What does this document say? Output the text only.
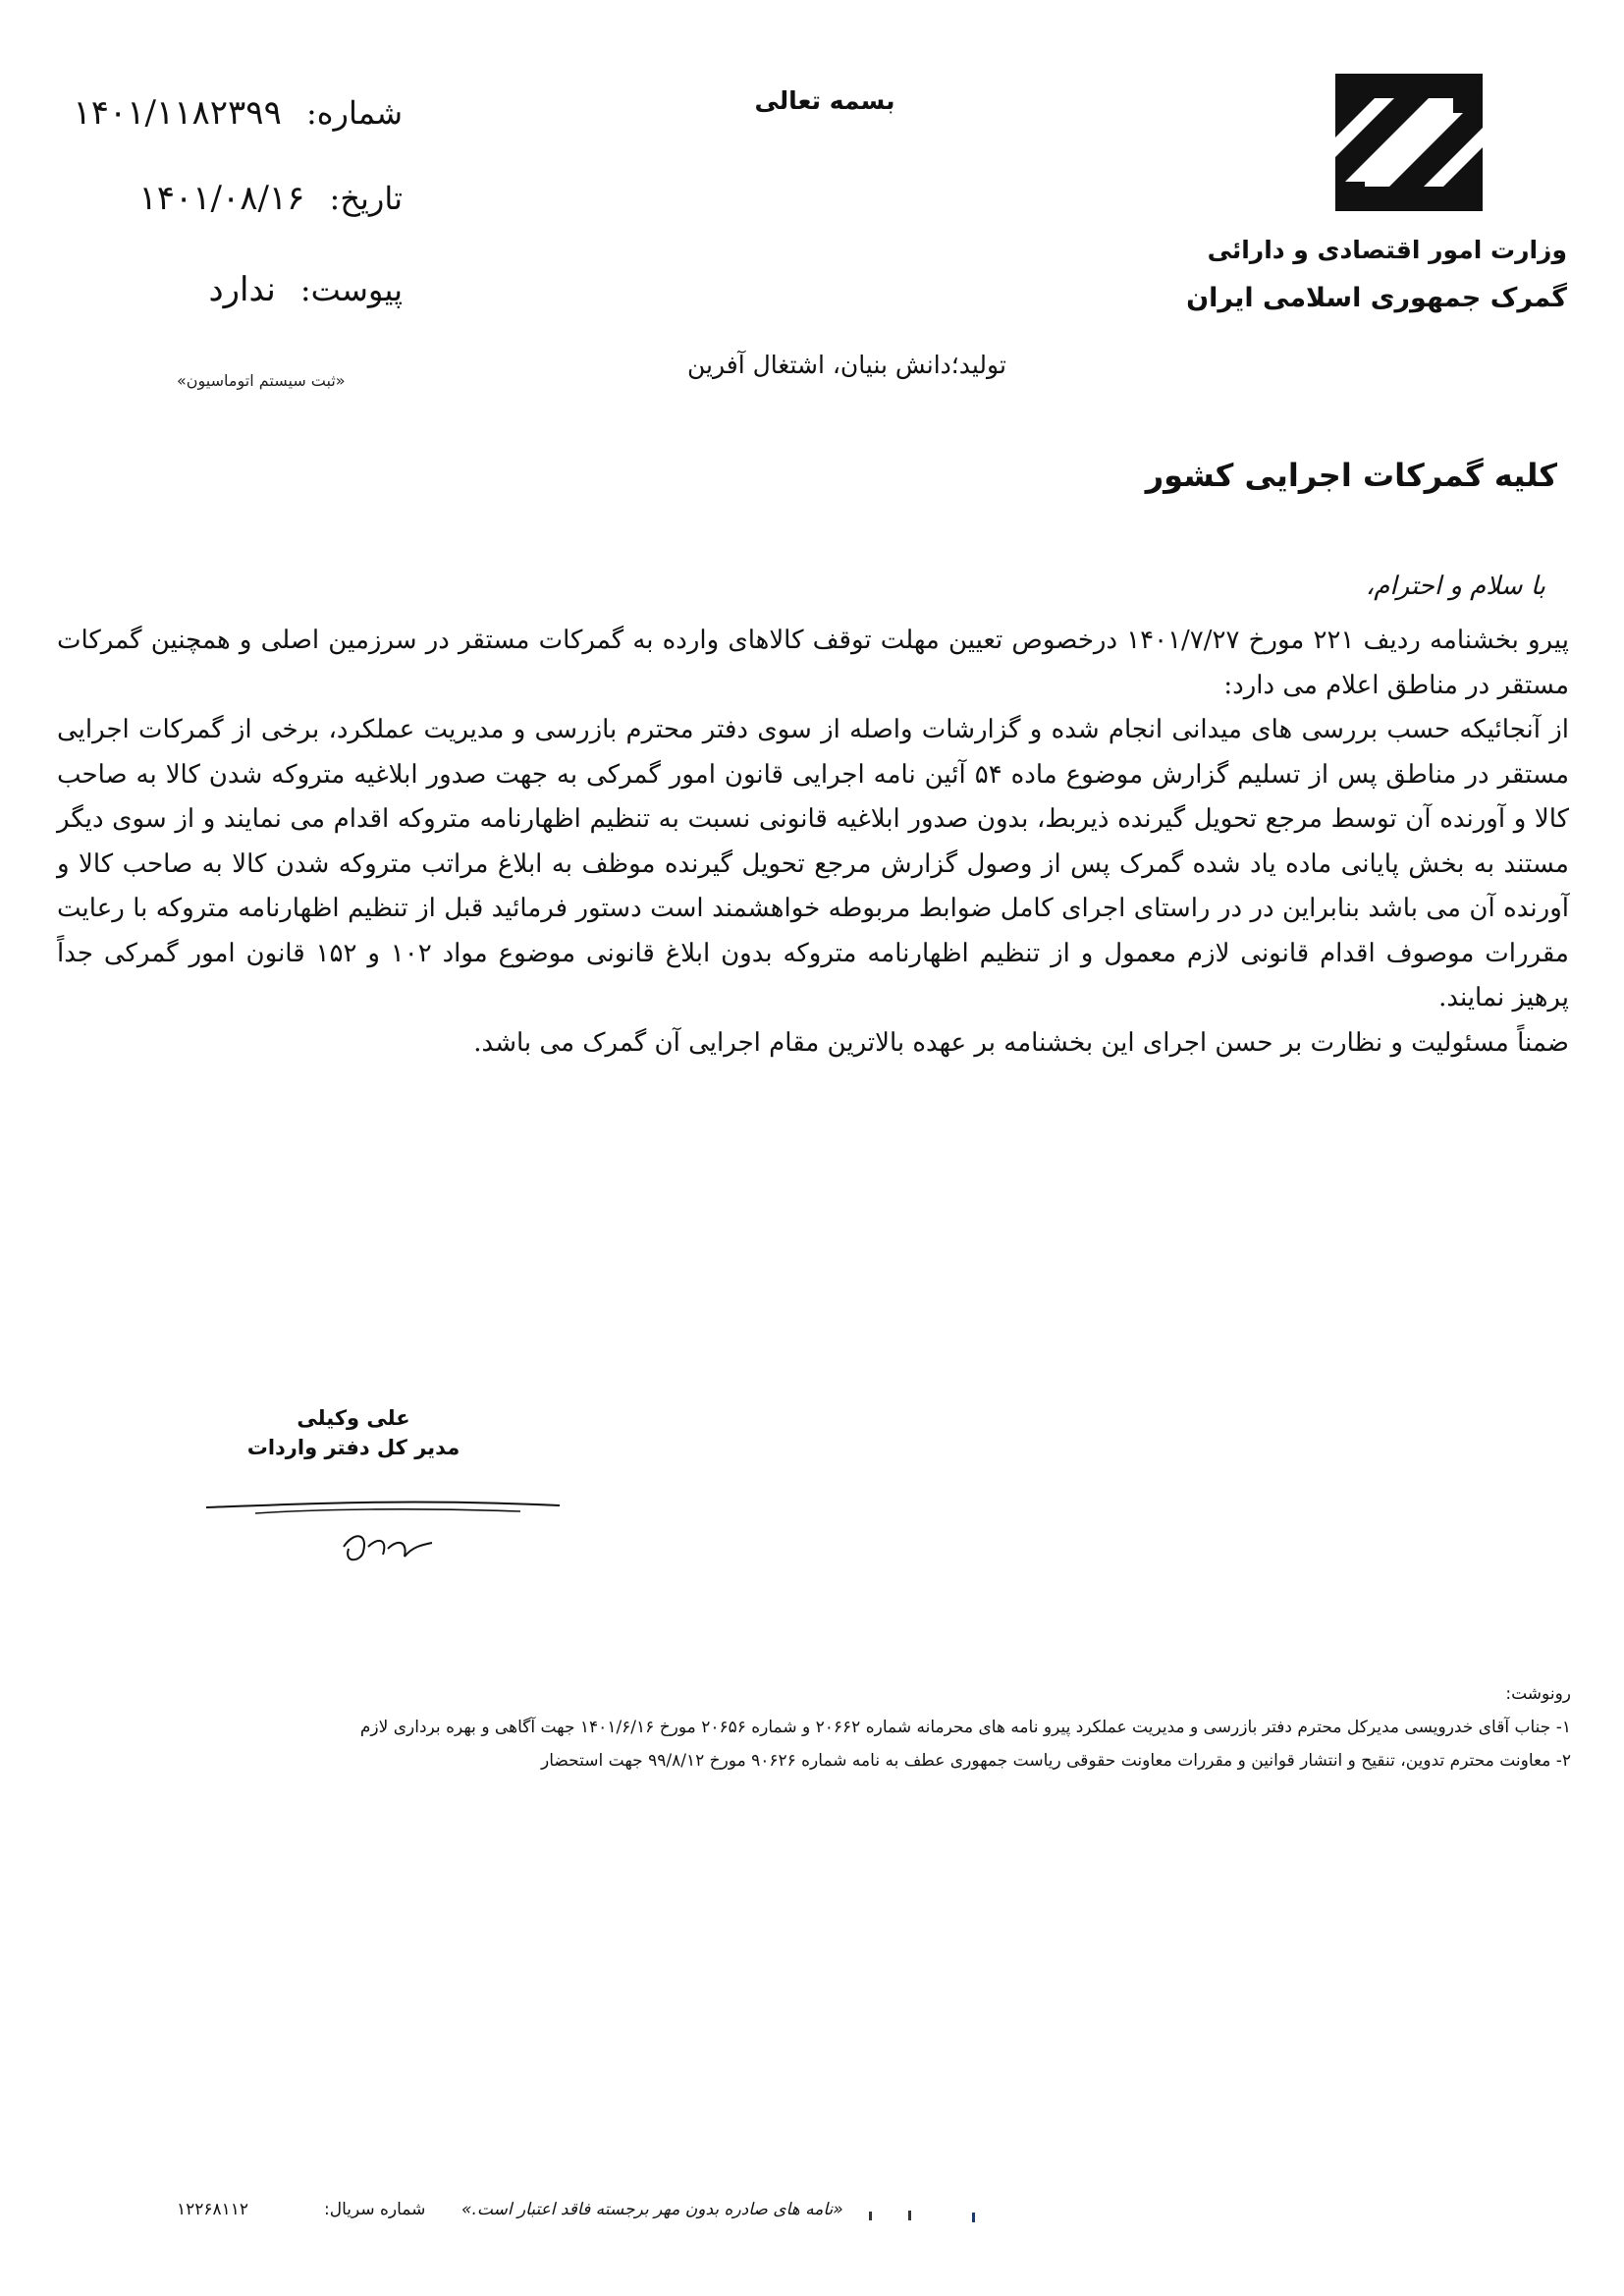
وزارت امور اقتصادی و دارائی
گمرک جمهوری اسلامی ایران
بسمه تعالی
شماره: ۱۴۰۱/۱۱۸۲۳۹۹
تاریخ: ۱۴۰۱/۰۸/۱۶
پیوست: ندارد
«ثبت سیستم اتوماسیون»
تولید؛دانش بنیان، اشتغال آفرین
کلیه گمرکات اجرایی کشور
با سلام و احترام،

پیرو بخشنامه ردیف ۲۲۱ مورخ ۱۴۰۱/۷/۲۷ درخصوص تعیین مهلت توقف کالاهای وارده به گمرکات مستقر در سرزمین اصلی و همچنین گمرکات مستقر در مناطق اعلام می دارد:

از آنجائیکه حسب بررسی های میدانی انجام شده و گزارشات واصله از سوی دفتر محترم بازرسی و مدیریت عملکرد، برخی از گمرکات اجرایی مستقر در مناطق پس از تسلیم گزارش موضوع ماده ۵۴ آئین نامه اجرایی قانون امور گمرکی به جهت صدور ابلاغیه متروکه شدن کالا به صاحب کالا و آورنده آن توسط مرجع تحویل گیرنده ذیربط، بدون صدور ابلاغیه قانونی نسبت به تنظیم اظهارنامه متروکه اقدام می نمایند و از سوی دیگر مستند به بخش پایانی ماده یاد شده گمرک پس از وصول گزارش مرجع تحویل گیرنده موظف به ابلاغ مراتب متروکه شدن کالا به صاحب کالا و آورنده آن می باشد بنابراین در در راستای اجرای کامل ضوابط مربوطه خواهشمند است دستور فرمائید قبل از تنظیم اظهارنامه متروکه با رعایت مقررات موصوف اقدام قانونی لازم معمول و از تنظیم اظهارنامه متروکه بدون ابلاغ قانونی موضوع مواد ۱۰۲ و ۱۵۲ قانون امور گمرکی جداً پرهیز نمایند.

ضمناً مسئولیت و نظارت بر حسن اجرای این بخشنامه بر عهده بالاترین مقام اجرایی آن گمرک می باشد.

علی وکیلی
مدیر کل دفتر واردات
رونوشت:
۱- جناب آقای خدرویسی مدیرکل محترم دفتر بازرسی و مدیریت عملکرد پیرو نامه های محرمانه شماره ۲۰۶۶۲ و شماره ۲۰۶۵۶ مورخ ۱۴۰۱/۶/۱۶ جهت آگاهی و بهره برداری لازم
۲- معاونت محترم تدوین، تنقیح و انتشار قوانین و مقررات معاونت حقوقی ریاست جمهوری عطف به نامه شماره ۹۰۶۲۶ مورخ ۹۹/۸/۱۲ جهت استحضار
«نامه های صادره بدون مهر برجسته فاقد اعتبار است.»
شماره سریال:
۱۲۲۶۸۱۱۲
